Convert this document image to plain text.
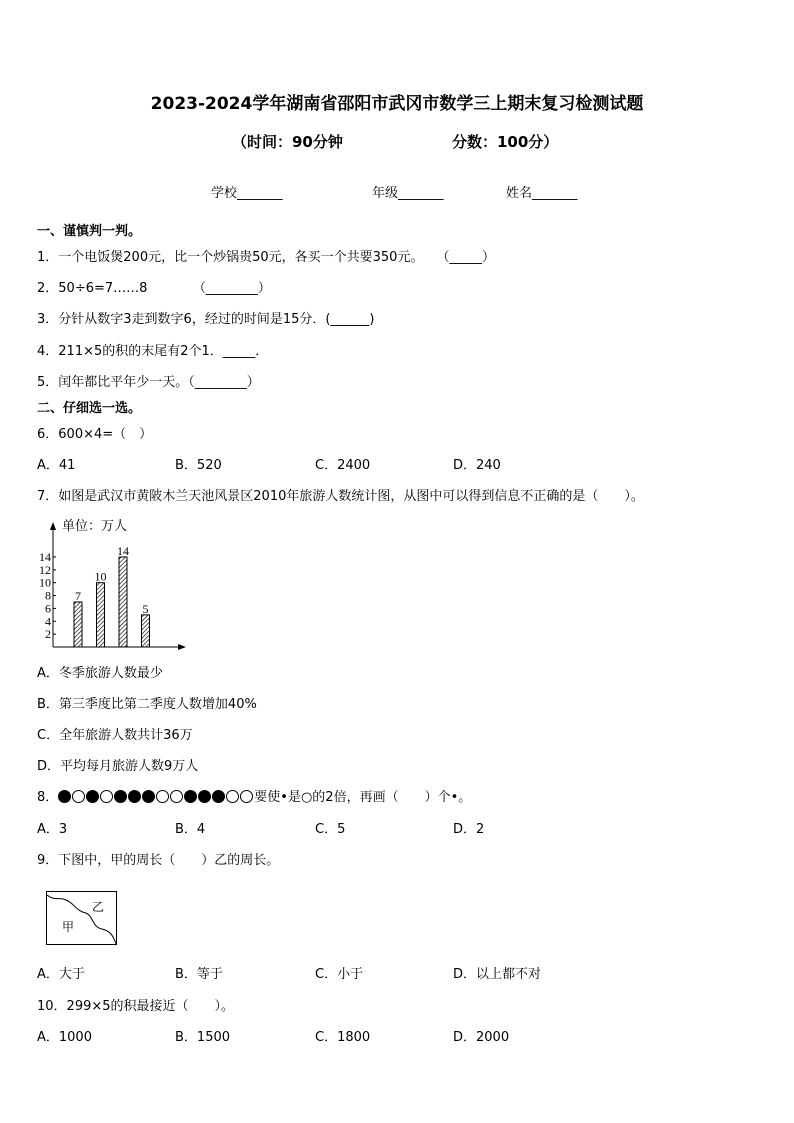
2023-2024学年湖南省邵阳市武冈市数学三上期末复习检测试题
（时间：90分钟	分数：100分）
学校_______	年级_______	姓名_______
一、谨慎判一判。
1．一个电饭煲200元，比一个炒锅贵50元，各买一个共要350元。　　（_____）
2．50÷6=7……8　　　　（________）
3．分针从数字3走到数字6，经过的时间是15分．(______)
4．211×5的积的末尾有2个1．_____．
5．闰年都比平年少一天。（________）
二、仔细选一选。
6．600×4=（　）
A．41	B．520	C．2400	D．240
7．如图是武汉市黄陂木兰天池风景区2010年旅游人数统计图，从图中可以得到信息不正确的是（　　）。
单位：万人
2
4
6
8
10
12
14
7
10
14
5
A．冬季旅游人数最少
B．第三季度比第二季度人数增加40%
C．全年旅游人数共计36万
D．平均每月旅游人数9万人
8．	要使•是○的2倍，再画（　　）个•。
A．3	B．4	C．5	D．2
9．下图中，甲的周长（　　）乙的周长。
乙
甲
A．大于	B．等于	C．小于	D．以上都不对
10．299×5的积最接近（　　）。
A．1000	B．1500	C．1800	D．2000
